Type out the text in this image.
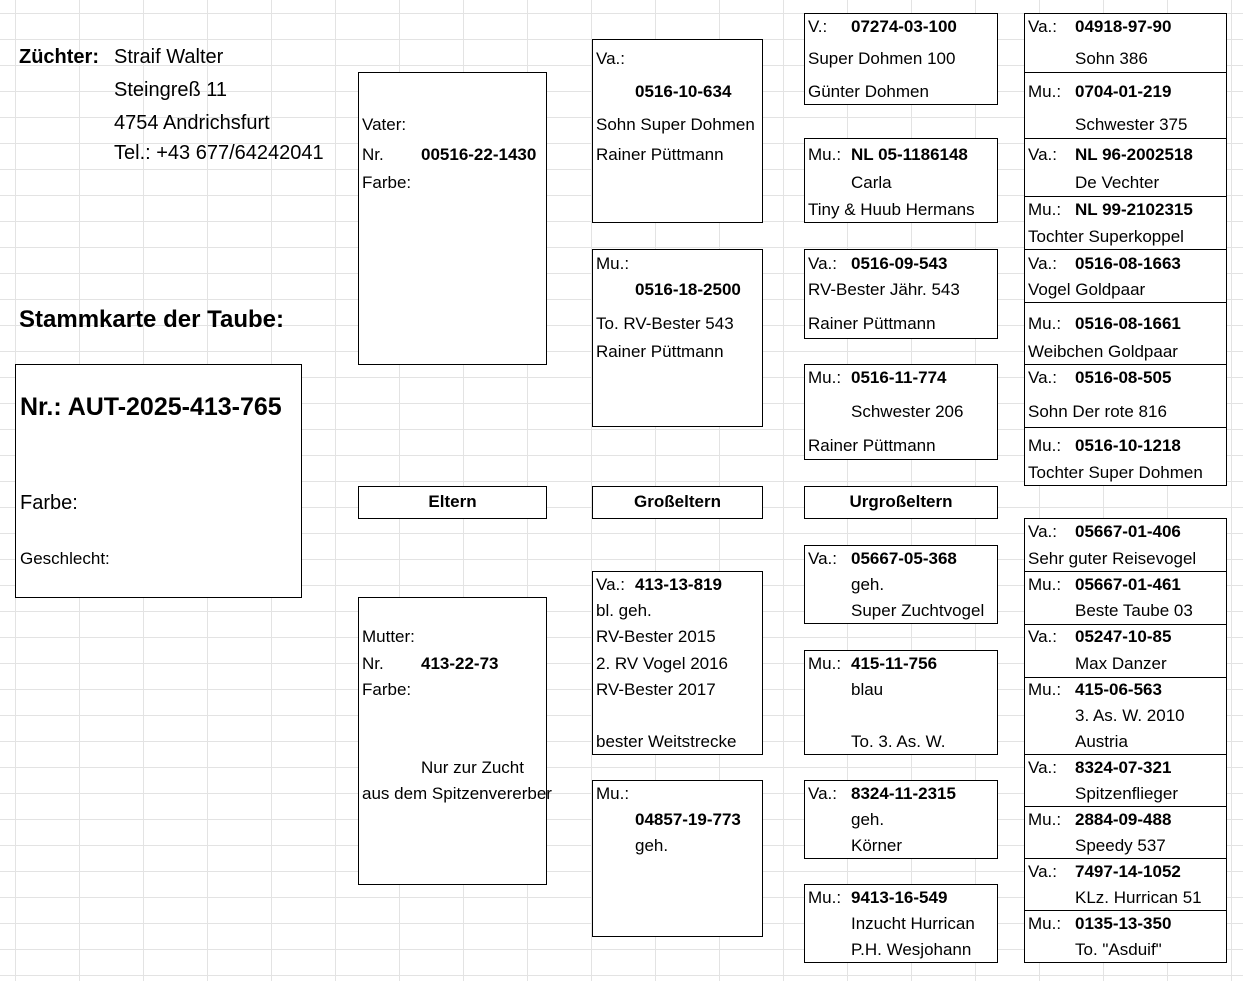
Züchter: Straif Walter
Steingreß 11
4754 Andrichsfurt
Tel.: +43 677/64242041
Stammkarte der Taube:
Nr.: AUT-2025-413-765
Farbe:
Geschlecht:
Eltern	Großeltern	Urgroßeltern
Vater:
Nr. 00516-22-1430
Farbe:
Mutter:
Nr. 413-22-73
Farbe:
Nur zur Zucht
aus dem Spitzenvererber
Va.:
0516-10-634
Sohn Super Dohmen
Rainer Püttmann
Mu.:
0516-18-2500
To. RV-Bester 543
Rainer Püttmann
Va.: 413-13-819
bl. geh.
RV-Bester 2015
2. RV Vogel 2016
RV-Bester 2017
bester Weitstrecke
Mu.:
04857-19-773
geh.
V.: 07274-03-100
Super Dohmen 100
Günter Dohmen
Mu.: NL 05-1186148
Carla
Tiny & Huub Hermans
Va.: 0516-09-543
RV-Bester Jähr. 543
Rainer Püttmann
Mu.: 0516-11-774
Schwester 206
Rainer Püttmann
Va.: 05667-05-368
geh.
Super Zuchtvogel
Mu.: 415-11-756
blau
To. 3. As. W.
Va.: 8324-11-2315
geh.
Körner
Mu.: 9413-16-549
Inzucht Hurrican
P.H. Wesjohann
Va.: 04918-97-90
Sohn 386
Mu.: 0704-01-219
Schwester 375
Va.: NL 96-2002518
De Vechter
Mu.: NL 99-2102315
Tochter Superkoppel
Va.: 0516-08-1663
Vogel Goldpaar
Mu.: 0516-08-1661
Weibchen Goldpaar
Va.: 0516-08-505
Sohn Der rote 816
Mu.: 0516-10-1218
Tochter Super Dohmen
Va.: 05667-01-406
Sehr guter Reisevogel
Mu.: 05667-01-461
Beste Taube 03
Va.: 05247-10-85
Max Danzer
Mu.: 415-06-563
3. As. W. 2010
Austria
Va.: 8324-07-321
Spitzenflieger
Mu.: 2884-09-488
Speedy 537
Va.: 7497-14-1052
KLz. Hurrican 51
Mu.: 0135-13-350
To. "Asduif"
